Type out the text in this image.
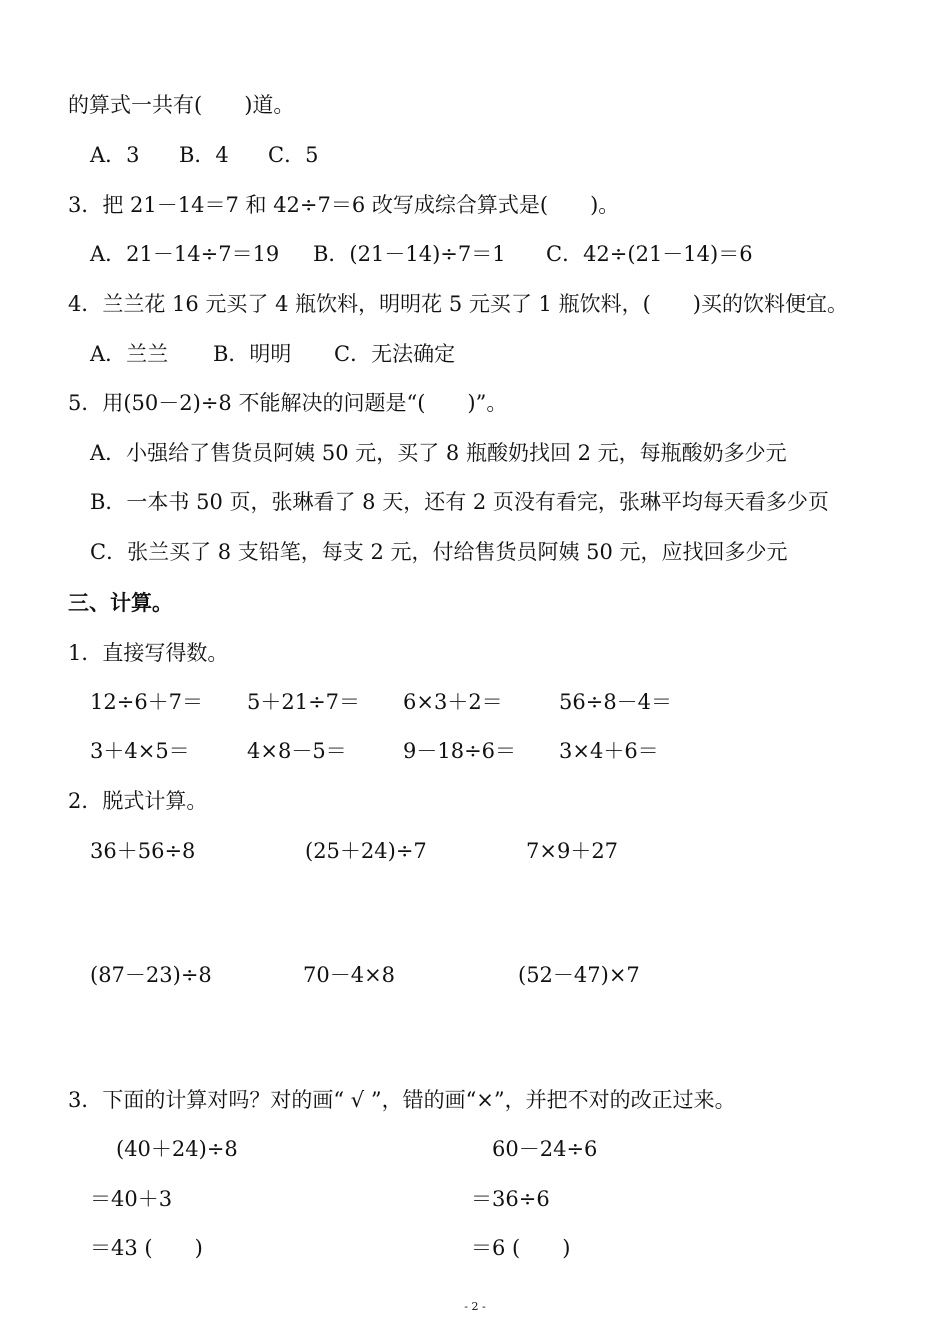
的算式一共有(　　)道。
A．3 B．4 C．5
3．把 21－14＝7 和 42÷7＝6 改写成综合算式是(　　)。
A．21－14÷7＝19 B．(21－14)÷7＝1 C．42÷(21－14)＝6
4．兰兰花 16 元买了 4 瓶饮料，明明花 5 元买了 1 瓶饮料，(　　)买的饮料便宜。
A．兰兰 B．明明 C．无法确定
5．用(50－2)÷8 不能解决的问题是“(　　)”。
A．小强给了售货员阿姨 50 元，买了 8 瓶酸奶找回 2 元，每瓶酸奶多少元
B．一本书 50 页，张琳看了 8 天，还有 2 页没有看完，张琳平均每天看多少页
C．张兰买了 8 支铅笔，每支 2 元，付给售货员阿姨 50 元，应找回多少元
三、计算。
1．直接写得数。
12÷6＋7＝ 5＋21÷7＝ 6×3＋2＝	56÷8－4＝
3＋4×5＝	4×8－5＝	9－18÷6＝ 3×4＋6＝
2．脱式计算。
36＋56÷8	(25＋24)÷7	7×9＋27
(87－23)÷8	70－4×8	(52－47)×7
3．下面的计算对吗？对的画“ √ ”，错的画“×”，并把不对的改正过来。
(40＋24)÷8
＝40＋3
＝43 (　　)
60－24÷6
＝36÷6
＝6 (　　)
- 2 -
